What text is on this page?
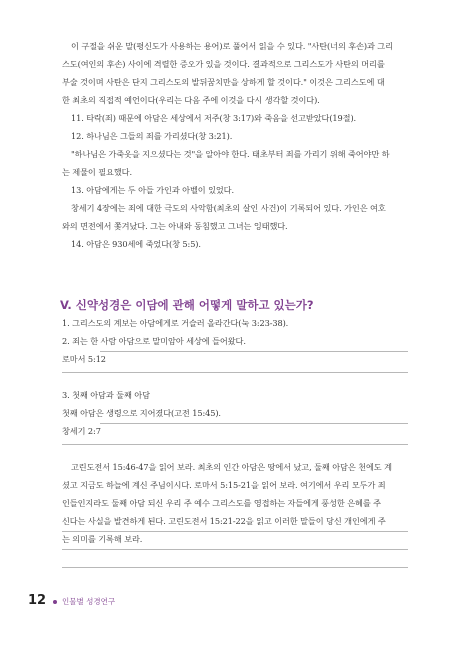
이 구절을 쉬운 말(평신도가 사용하는 용어)로 풀어서 읽을 수 있다. "사탄(너의 후손)과 그리
스도(여인의 후손) 사이에 격렬한 증오가 있을 것이다. 결과적으로 그리스도가 사탄의 머리를
부술 것이며 사탄은 단지 그리스도의 발뒤꿈치만을 상하게 할 것이다." 이것은 그리스도에 대
한 최초의 직접적 예언이다(우리는 다음 주에 이것을 다시 생각할 것이다).
11. 타락(죄) 때문에 아담은 세상에서 저주(창 3:17)와 죽음을 선고받았다(19절).
12. 하나님은 그들의 죄를 가리셨다(창 3:21).
"하나님은 가죽옷을 지으셨다는 것"을 알아야 한다. 태초부터 죄를 가리기 위해 죽어야만 하
는 제물이 필요했다.
13. 아담에게는 두 아들 가인과 아벨이 있었다.
창세기 4장에는 죄에 대한 극도의 사악함(최초의 살인 사건)이 기록되어 있다. 가인은 여호
와의 면전에서 쫓겨났다. 그는 아내와 동침했고 그녀는 잉태했다.
14. 아담은 930세에 죽었다(창 5:5).
V. 신약성경은 이담에 관해 어떻게 말하고 있는가?
1. 그리스도의 계보는 아담에게로 거슬러 올라간다(눅 3:23-38).
2. 죄는 한 사람 아담으로 말미암아 세상에 들어왔다.
로마서 5:12
3. 첫째 아담과 둘째 아담
첫째 아담은 생령으로 지어졌다(고전 15:45).
창세기 2:7
고린도전서 15:46-47을 읽어 보라. 최초의 인간 아담은 땅에서 났고, 둘째 아담은 천에도 계
셨고 지금도 하늘에 계신 주님이시다. 로마서 5:15-21을 읽어 보라. 여기에서 우리 모두가 죄
인들인지라도 둘째 아담 되신 우리 주 예수 그리스도를 영접하는 자들에게 풍성한 은혜를 주
신다는 사실을 발견하게 된다. 고린도전서 15:21-22을 읽고 이러한 말들이 당신 개인에게 주
는 의미를 기록해 보라.
12 인물별 성경연구
